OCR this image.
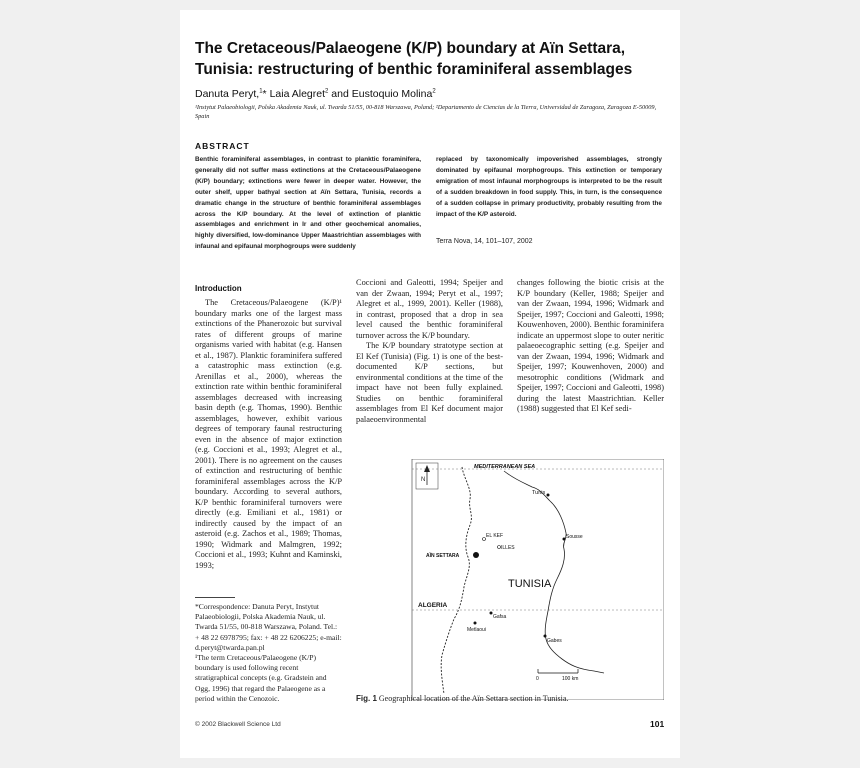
The Cretaceous/Palaeogene (K/P) boundary at Aïn Settara, Tunisia: restructuring of benthic foraminiferal assemblages
Danuta Peryt,$^1$* Laia Alegret$^2$ and Eustoquio Molina$^2$
¹Instytut Palaeobiologii, Polska Akademia Nauk, ul. Twarda 51/55, 00-818 Warszawa, Poland; ²Departamento de Ciencias de la Tierra, Universidad de Zaragoza, Zaragoza E-50009, Spain
ABSTRACT

Benthic foraminiferal assemblages, in contrast to planktic foraminifera, generally did not suffer mass extinctions at the Cretaceous/Palaeogene (K/P) boundary; extinctions were fewer in deeper water. However, the outer shelf, upper bathyal section at Aïn Settara, Tunisia, records a dramatic change in the structure of benthic foraminiferal assemblages across the K/P boundary. At the level of extinction of planktic assemblages and enrichment in Ir and other geochemical anomalies, highly diversified, low-dominance Upper Maastrichtian assemblages with infaunal and epifaunal morphogroups were suddenly

replaced by taxonomically impoverished assemblages, strongly dominated by epifaunal morphogroups. This extinction or temporary emigration of most infaunal morphogroups is interpreted to be the result of a sudden breakdown in food supply. This, in turn, is the consequence of a sudden collapse in primary productivity, probably resulting from the impact of the K/P asteroid.

Terra Nova, 14, 101–107, 2002
Introduction

The Cretaceous/Palaeogene (K/P)¹ boundary marks one of the largest mass extinctions of the Phanerozoic but survival rates of different groups of marine organisms varied with habitat (e.g. Hansen et al., 1987). Planktic foraminifera suffered a catastrophic mass extinction (e.g. Arenillas et al., 2000), whereas the extinction rate within benthic foraminiferal assemblages decreased with increasing basin depth (e.g. Thomas, 1990). Benthic assemblages, however, exhibit various degrees of temporary faunal restructuring even in the absence of major extinction (e.g. Coccioni et al., 1993; Alegret et al., 2001). There is no agreement on the causes of extinction and restructuring of benthic foraminiferal assemblages across the K/P boundary. According to several authors, K/P benthic foraminiferal turnovers were directly (e.g. Emiliani et al., 1981) or indirectly caused by the impact of an asteroid (e.g. Zachos et al., 1989; Thomas, 1990; Widmark and Malmgren, 1992; Coccioni et al., 1993; Kuhnt and Kaminski, 1993;

Coccioni and Galeotti, 1994; Speijer and van der Zwaan, 1994; Peryt et al., 1997; Alegret et al., 1999, 2001). Keller (1988), in contrast, proposed that a drop in sea level caused the benthic foraminiferal turnover across the K/P boundary.

The K/P boundary stratotype section at El Kef (Tunisia) (Fig. 1) is one of the best-documented K/P sections, but environmental conditions at the time of the impact have not been fully explained. Studies on benthic foraminiferal assemblages from El Kef document major palaeoenvironmental

changes following the biotic crisis at the K/P boundary (Keller, 1988; Speijer and van der Zwaan, 1994, 1996; Widmark and Speijer, 1997; Coccioni and Galeotti, 1998; Kouwenhoven, 2000). Benthic foraminifera indicate an uppermost slope to outer neritic palaeoecographic setting (e.g. Speijer and van der Zwaan, 1994, 1996; Widmark and Speijer, 1997; Kouwenhoven, 2000) and mesotrophic conditions (Widmark and Speijer, 1997; Coccioni and Galeotti, 1998) during the latest Maastrichtian. Keller (1988) suggested that El Kef sedi-

*Correspondence: Danuta Peryt, Instytut Palaeobiologii, Polska Akademia Nauk, ul. Twarda 51/55, 00-818 Warszawa, Poland. Tel.: + 48 22 6978795; fax: + 48 22 6206225; e-mail: d.peryt@twarda.pan.pl

¹The term Cretaceous/Palaeogene (K/P) boundary is used following recent stratigraphical concepts (e.g. Gradstein and Ogg, 1996) that regard the Palaeogene as a period within the Cenozoic.

N
MEDITERRANEAN SEA
TUNISIA
ALGERIA
Tunis
EL KEF
ILLES
AÏN SETTARA
Sousse
Gafsa
Metlaoui
Gabes
0	100 km
Fig. 1 Geographical location of the Aïn Settara section in Tunisia.
© 2002 Blackwell Science Ltd	101
